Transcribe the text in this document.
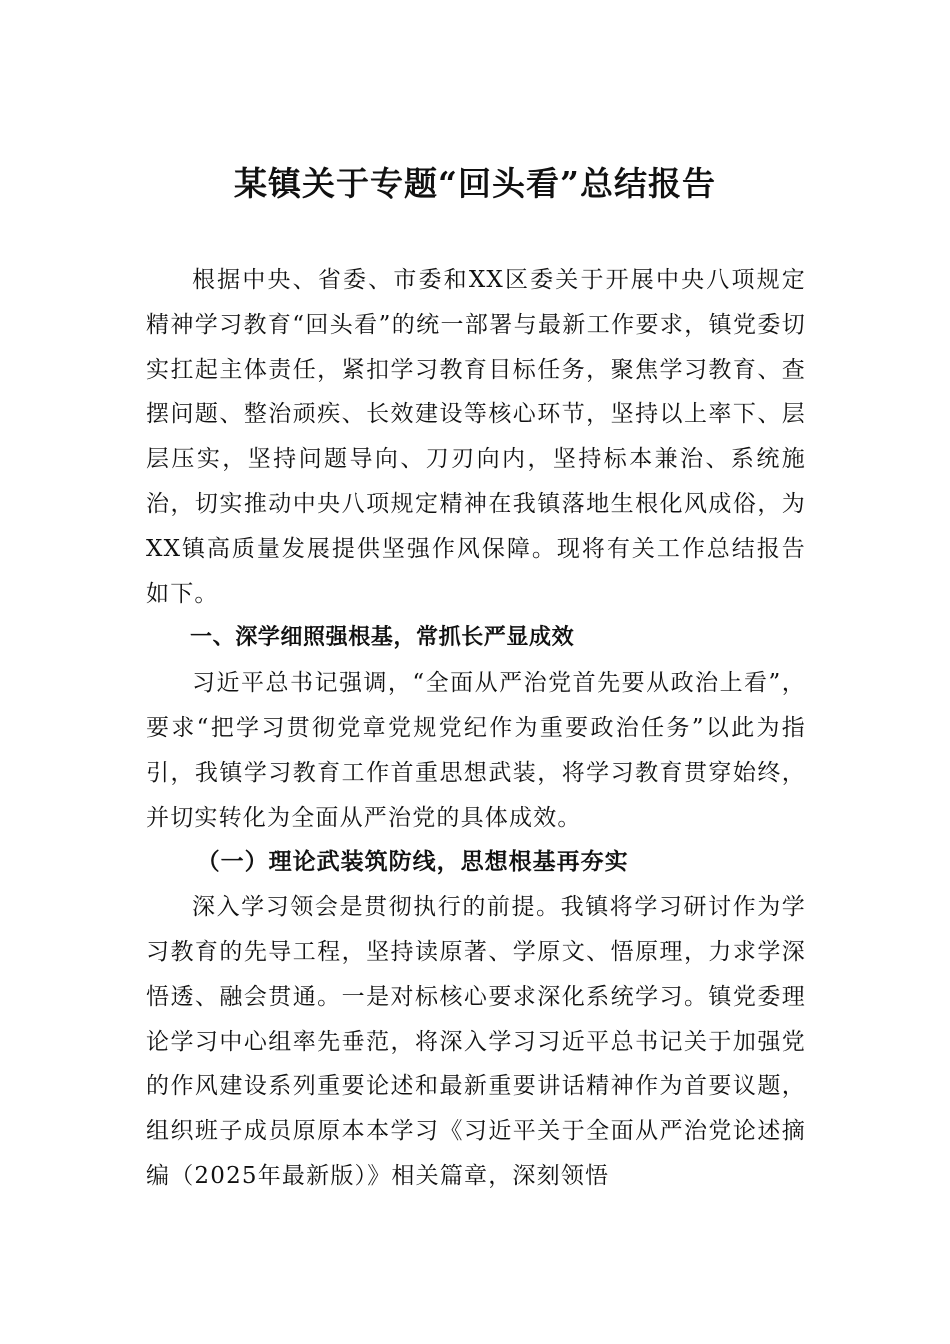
某镇关于专题“回头看”总结报告

根据中央、省委、市委和XX区委关于开展中央八项规定精神学习教育“回头看”的统一部署与最新工作要求，镇党委切实扛起主体责任，紧扣学习教育目标任务，聚焦学习教育、查摆问题、整治顽疾、长效建设等核心环节，坚持以上率下、层层压实，坚持问题导向、刀刃向内，坚持标本兼治、系统施治，切实推动中央八项规定精神在我镇落地生根化风成俗，为XX镇高质量发展提供坚强作风保障。现将有关工作总结报告如下。

一、深学细照强根基，常抓长严显成效

习近平总书记强调，“全面从严治党首先要从政治上看”，要求“把学习贯彻党章党规党纪作为重要政治任务”以此为指引，我镇学习教育工作首重思想武装，将学习教育贯穿始终，并切实转化为全面从严治党的具体成效。

（一）理论武装筑防线，思想根基再夯实

深入学习领会是贯彻执行的前提。我镇将学习研讨作为学习教育的先导工程，坚持读原著、学原文、悟原理，力求学深悟透、融会贯通。一是对标核心要求深化系统学习。镇党委理论学习中心组率先垂范，将深入学习习近平总书记关于加强党的作风建设系列重要论述和最新重要讲话精神作为首要议题，组织班子成员原原本本学习《习近平关于全面从严治党论述摘编（2025年最新版）》相关篇章，深刻领悟
